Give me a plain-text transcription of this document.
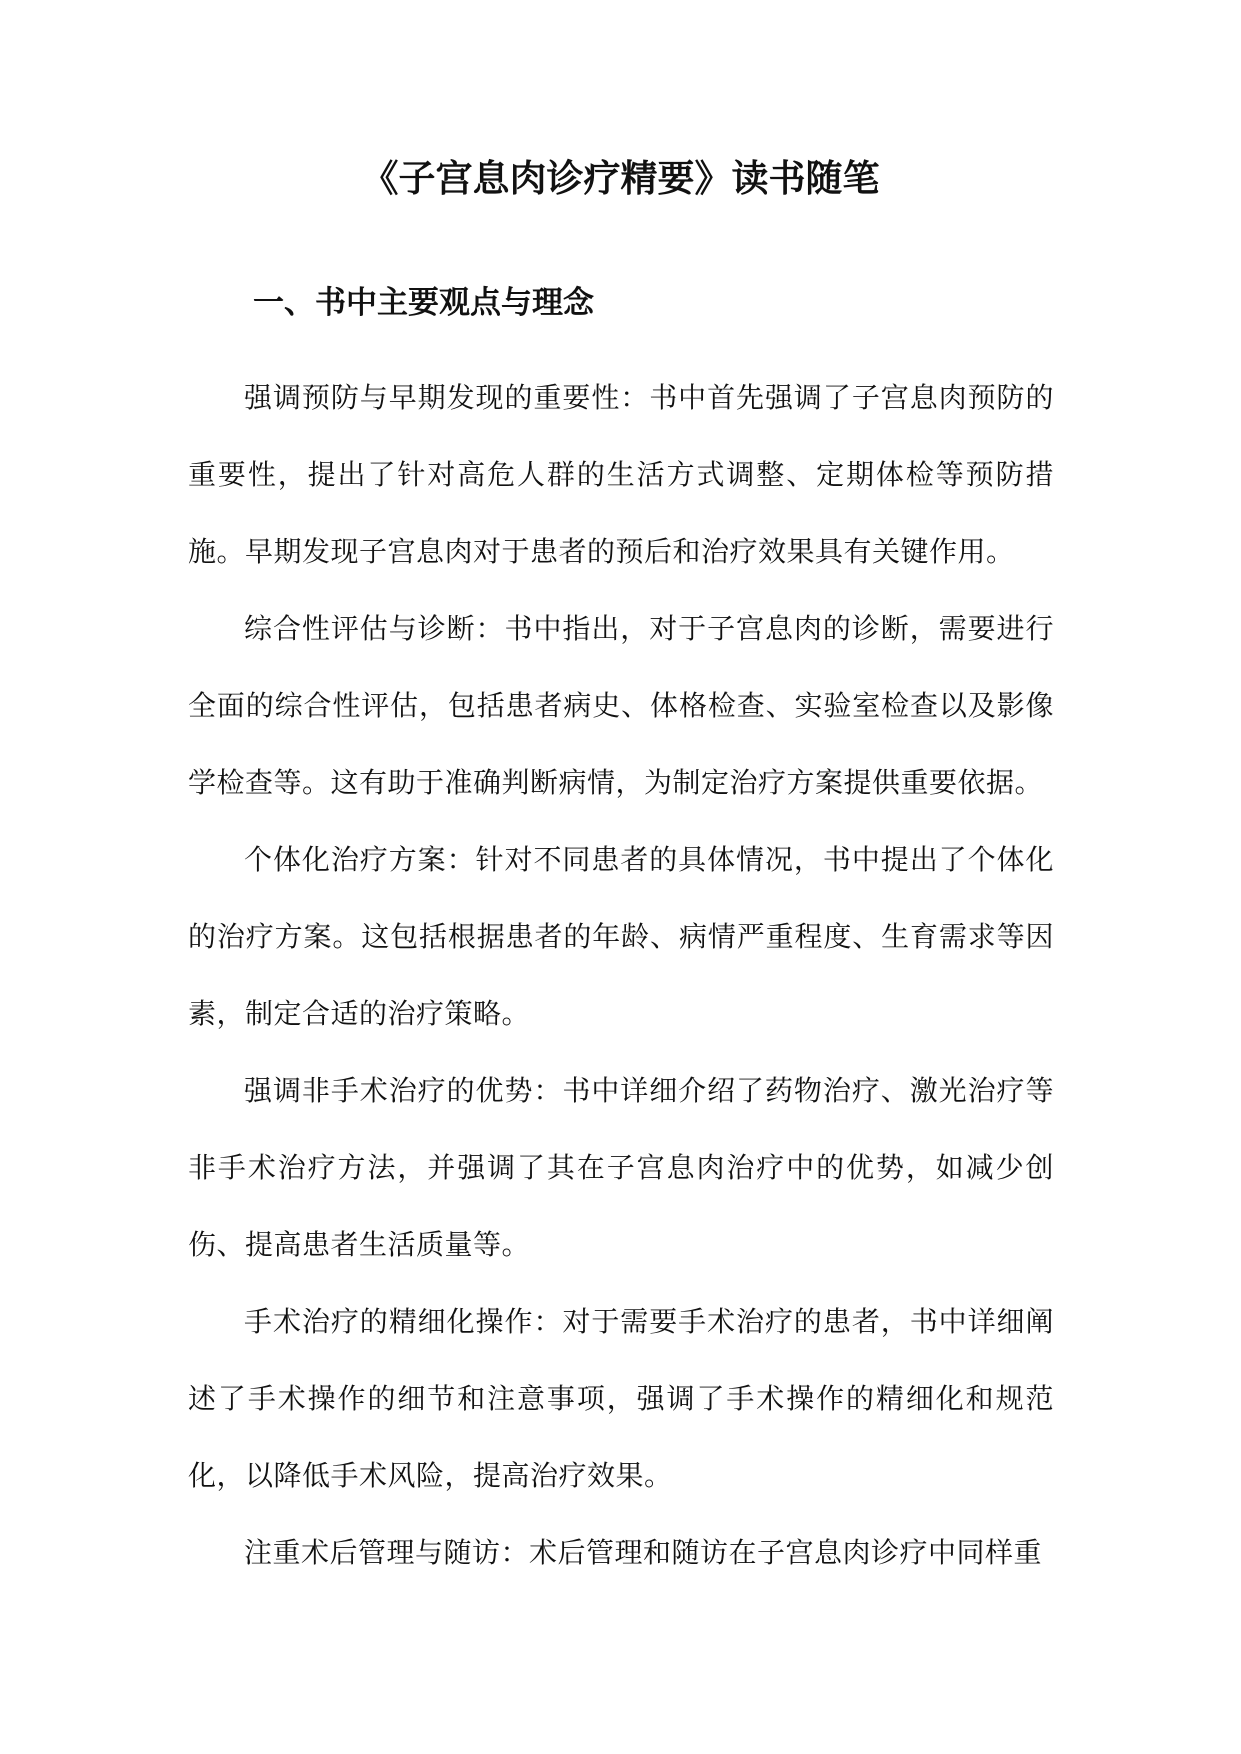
《子宫息肉诊疗精要》读书随笔
一、书中主要观点与理念

强调预防与早期发现的重要性：书中首先强调了子宫息肉预防的重要性，提出了针对高危人群的生活方式调整、定期体检等预防措施。早期发现子宫息肉对于患者的预后和治疗效果具有关键作用。

综合性评估与诊断：书中指出，对于子宫息肉的诊断，需要进行全面的综合性评估，包括患者病史、体格检查、实验室检查以及影像学检查等。这有助于准确判断病情，为制定治疗方案提供重要依据。

个体化治疗方案：针对不同患者的具体情况，书中提出了个体化的治疗方案。这包括根据患者的年龄、病情严重程度、生育需求等因素，制定合适的治疗策略。

强调非手术治疗的优势：书中详细介绍了药物治疗、激光治疗等非手术治疗方法，并强调了其在子宫息肉治疗中的优势，如减少创伤、提高患者生活质量等。

手术治疗的精细化操作：对于需要手术治疗的患者，书中详细阐述了手术操作的细节和注意事项，强调了手术操作的精细化和规范化，以降低手术风险，提高治疗效果。

注重术后管理与随访：术后管理和随访在子宫息肉诊疗中同样重
